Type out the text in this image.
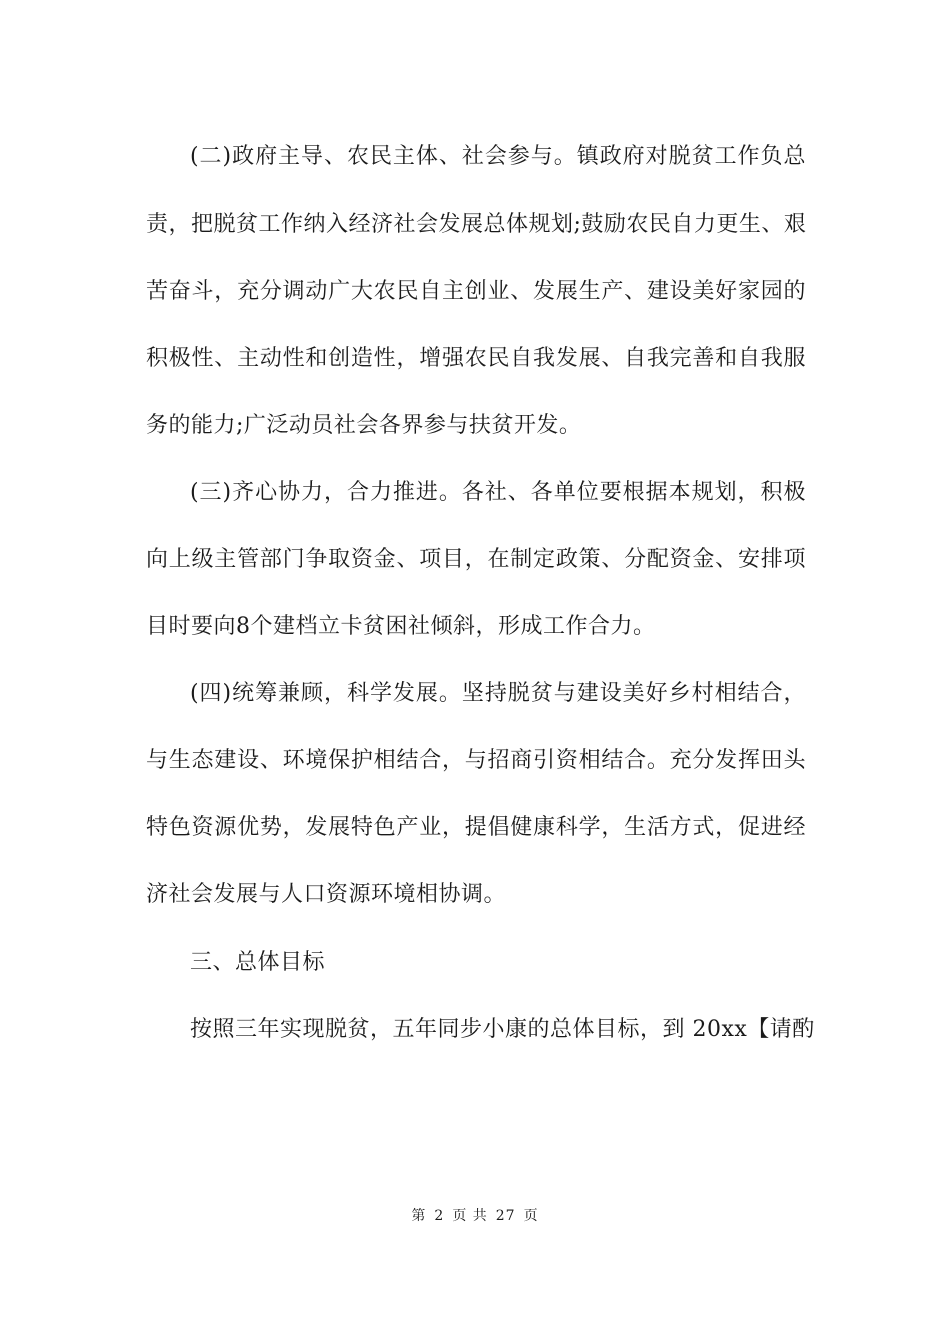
(二)政府主导、农民主体、社会参与。镇政府对脱贫工作负总
责，把脱贫工作纳入经济社会发展总体规划;鼓励农民自力更生、艰
苦奋斗，充分调动广大农民自主创业、发展生产、建设美好家园的
积极性、主动性和创造性，增强农民自我发展、自我完善和自我服
务的能力;广泛动员社会各界参与扶贫开发。
(三)齐心协力，合力推进。各社、各单位要根据本规划，积极
向上级主管部门争取资金、项目，在制定政策、分配资金、安排项
目时要向8个建档立卡贫困社倾斜，形成工作合力。
(四)统筹兼顾，科学发展。坚持脱贫与建设美好乡村相结合，
与生态建设、环境保护相结合，与招商引资相结合。充分发挥田头
特色资源优势，发展特色产业，提倡健康科学，生活方式，促进经
济社会发展与人口资源环境相协调。
三、总体目标
按照三年实现脱贫，五年同步小康的总体目标，到 20xx【请酌
第 2 页 共 27 页
